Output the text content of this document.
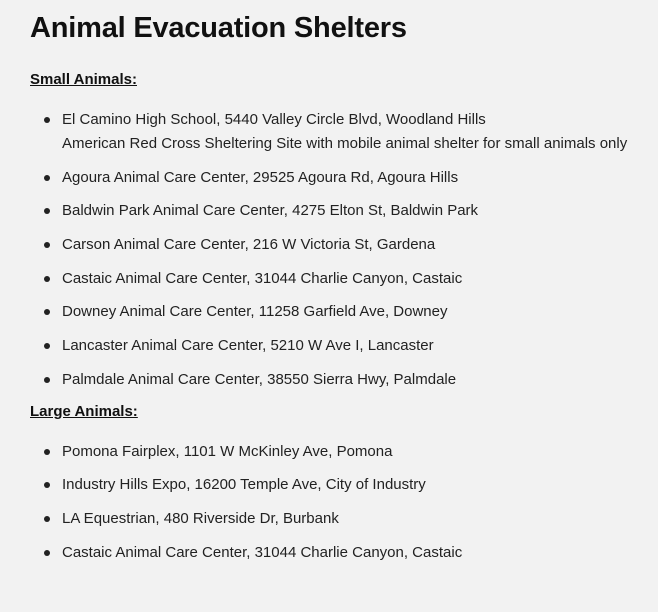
Animal Evacuation Shelters
Small Animals:
El Camino High School, 5440 Valley Circle Blvd, Woodland Hills
American Red Cross Sheltering Site with mobile animal shelter for small animals only
Agoura Animal Care Center, 29525 Agoura Rd, Agoura Hills
Baldwin Park Animal Care Center, 4275 Elton St, Baldwin Park
Carson Animal Care Center, 216 W Victoria St, Gardena
Castaic Animal Care Center, 31044 Charlie Canyon, Castaic
Downey Animal Care Center, 11258 Garfield Ave, Downey
Lancaster Animal Care Center, 5210 W Ave I, Lancaster
Palmdale Animal Care Center, 38550 Sierra Hwy, Palmdale
Large Animals:
Pomona Fairplex, 1101 W McKinley Ave, Pomona
Industry Hills Expo, 16200 Temple Ave, City of Industry
LA Equestrian, 480 Riverside Dr, Burbank
Castaic Animal Care Center, 31044 Charlie Canyon, Castaic
